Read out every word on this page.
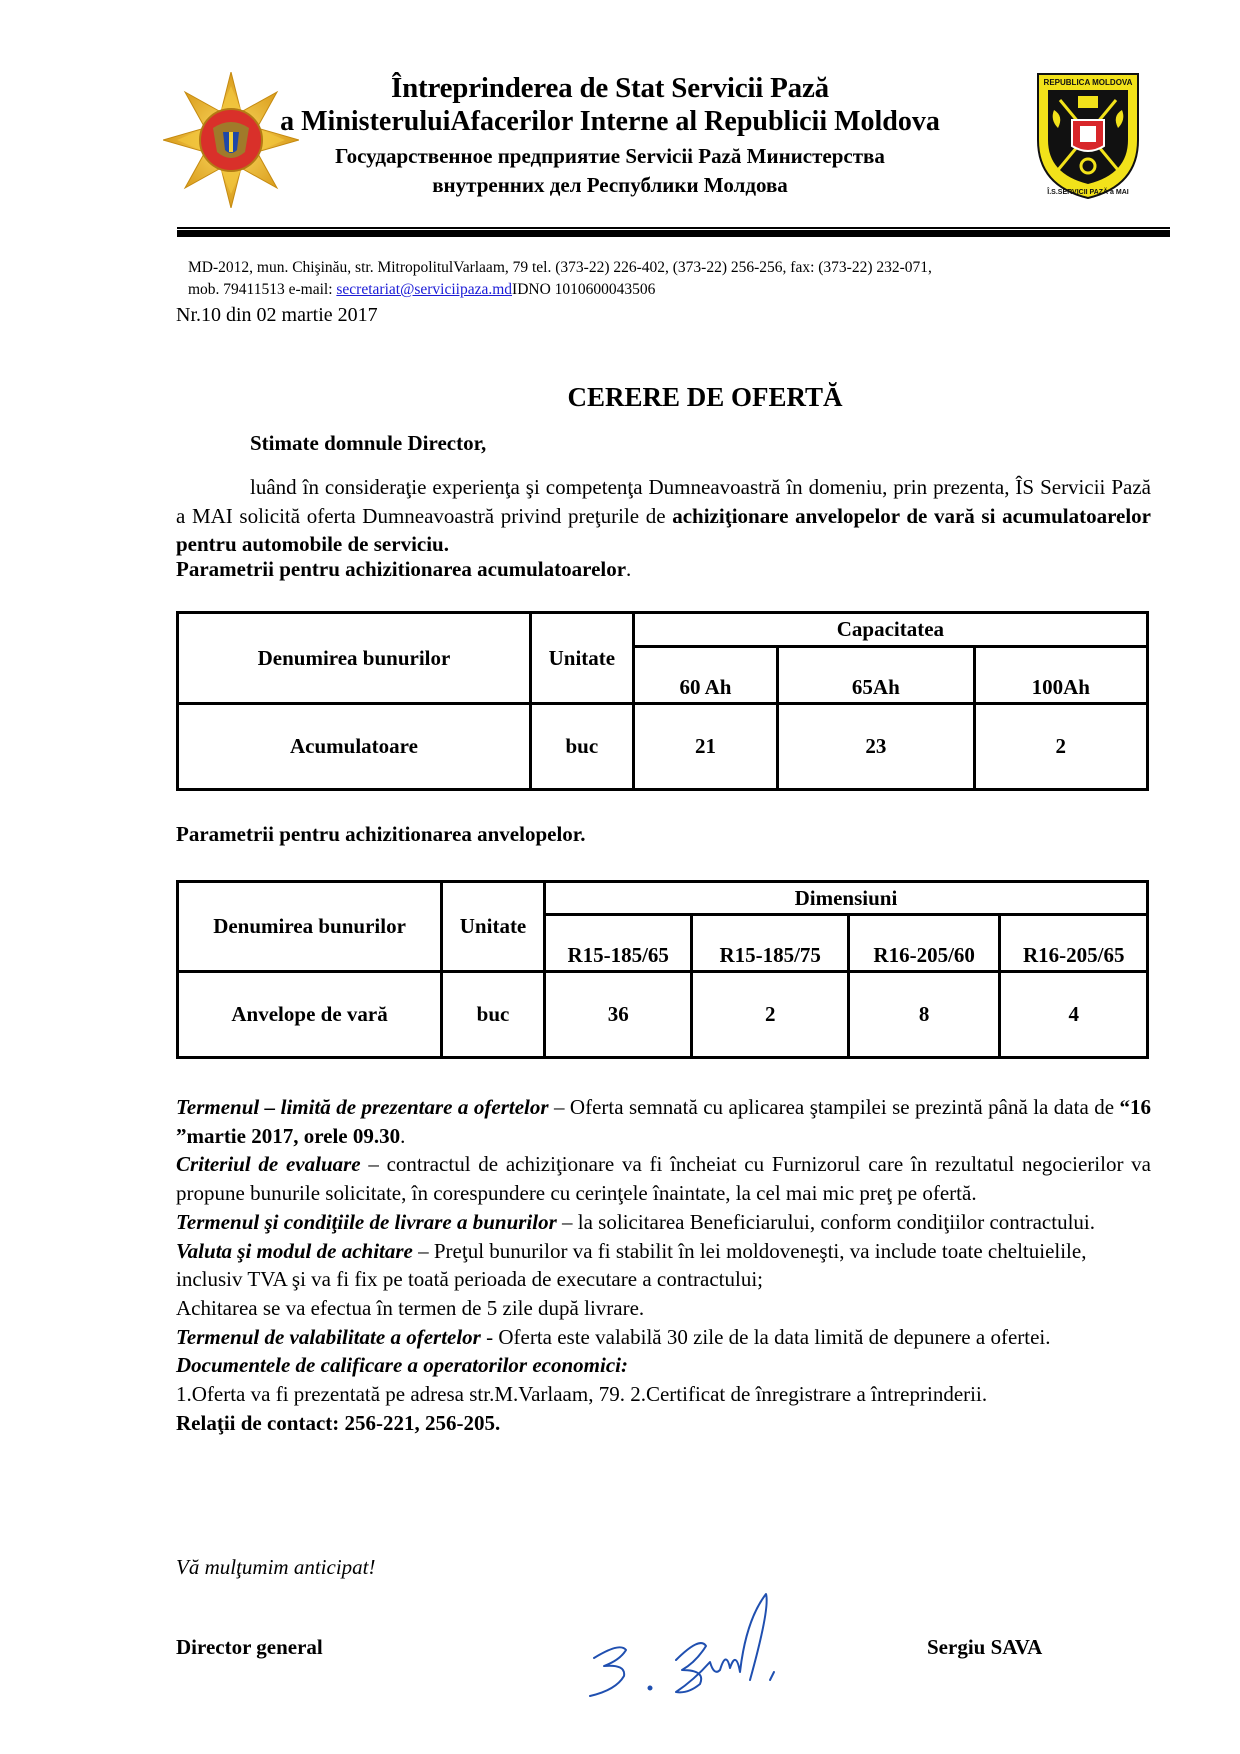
Întreprinderea de Stat Servicii Pază
a MinisteruluiAfacerilor Interne al Republicii Moldova
Государственное предприятие Servicii Pază Министерства
внутренних дел Республики Молдова
REPUBLICA MOLDOVA
Î.S.SERVICII PAZĂ a MAI
MD-2012, mun. Chişinău, str. MitropolitulVarlaam, 79 tel. (373-22) 226-402, (373-22) 256-256, fax: (373-22) 232-071,
mob. 79411513 e-mail: secretariat@serviciipaza.mdIDNO 1010600043506
Nr.10 din 02 martie 2017
CERERE DE OFERTĂ
Stimate domnule Director,
luând în consideraţie experienţa şi competenţa Dumneavoastră în domeniu, prin prezenta, ÎS Servicii Pază a MAI solicită oferta Dumneavoastră privind preţurile de achiziţionare anvelopelor de vară si acumulatoarelor pentru automobile de serviciu.
Parametrii pentru achizitionarea acumulatoarelor.
Denumirea bunurilor	Unitate	Capacitatea		
		60 Ah	65Ah	100Ah
Acumulatoare	buc	21	23	2
Parametrii pentru achizitionarea anvelopelor.
Denumirea bunurilor	Unitate	Dimensiuni			
		R15-185/65	R15-185/75	R16-205/60	R16-205/65
Anvelope de vară	buc	36	2	8	4

Termenul – limită de prezentare a ofertelor – Oferta semnată cu aplicarea ştampilei se prezintă până la data de “16 ”martie 2017, orele 09.30.

Criteriul de evaluare – contractul de achiziţionare va fi încheiat cu Furnizorul care în rezultatul negocierilor va propune bunurile solicitate, în corespundere cu cerinţele înaintate, la cel mai mic preţ pe ofertă.

Termenul şi condiţiile de livrare a bunurilor – la solicitarea Beneficiarului, conform condiţiilor contractului.

Valuta şi modul de achitare – Preţul bunurilor va fi stabilit în lei moldoveneşti, va include toate cheltuielile, inclusiv TVA şi va fi fix pe toată perioada de executare a contractului;

Achitarea se va efectua în termen de 5 zile după livrare.

Termenul de valabilitate a ofertelor - Oferta este valabilă 30 zile de la data limită de depunere a ofertei.

Documentele de calificare a operatorilor economici:

1.Oferta va fi prezentată pe adresa str.M.Varlaam, 79. 2.Certificat de înregistrare a întreprinderii.

Relaţii de contact: 256-221, 256-205.

Vă mulţumim anticipat!
Director general	Sergiu SAVA
